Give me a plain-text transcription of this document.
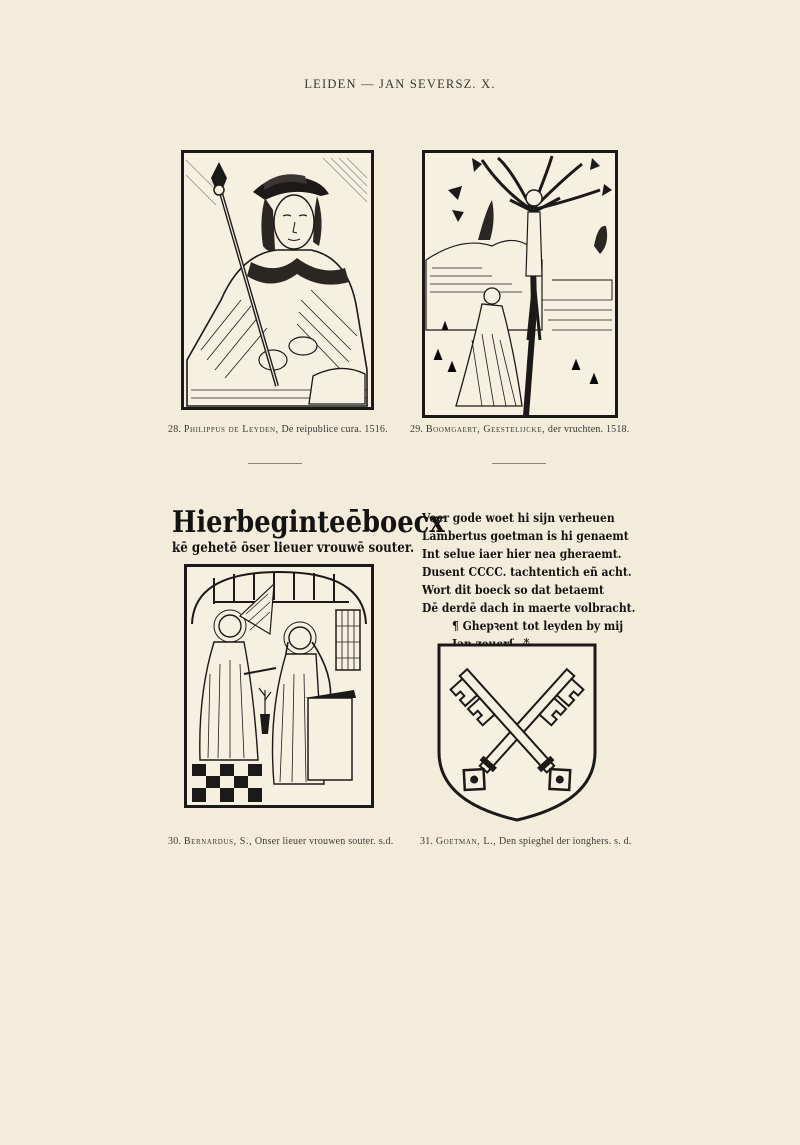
LEIDEN — JAN SEVERSZ. X.
28. Philippus de Leyden, De reipublice cura. 1516. 29. Boomgaert, Geestelijcke, der vruchten. 1518.
Hierbeginteēboecx
kē gehetē ōser lieuer vrouwē souter.
30. Bernardus, S., Onser lieuer vrouwen souter. s.d.
Voer gode woet hi sijn verheuen
Lambertus goetman is hi genaemt
Int selue iaer hier nea gheraemt.
Dusent CCCC. tachtentich eñ acht.
Wort dit boeck so dat betaemt
Dē derdē dach in maerte volbracht.
¶ Ghepꝛent tot leyden by mij
31. Goetman, L., Den spieghel der ionghers. s. d.
